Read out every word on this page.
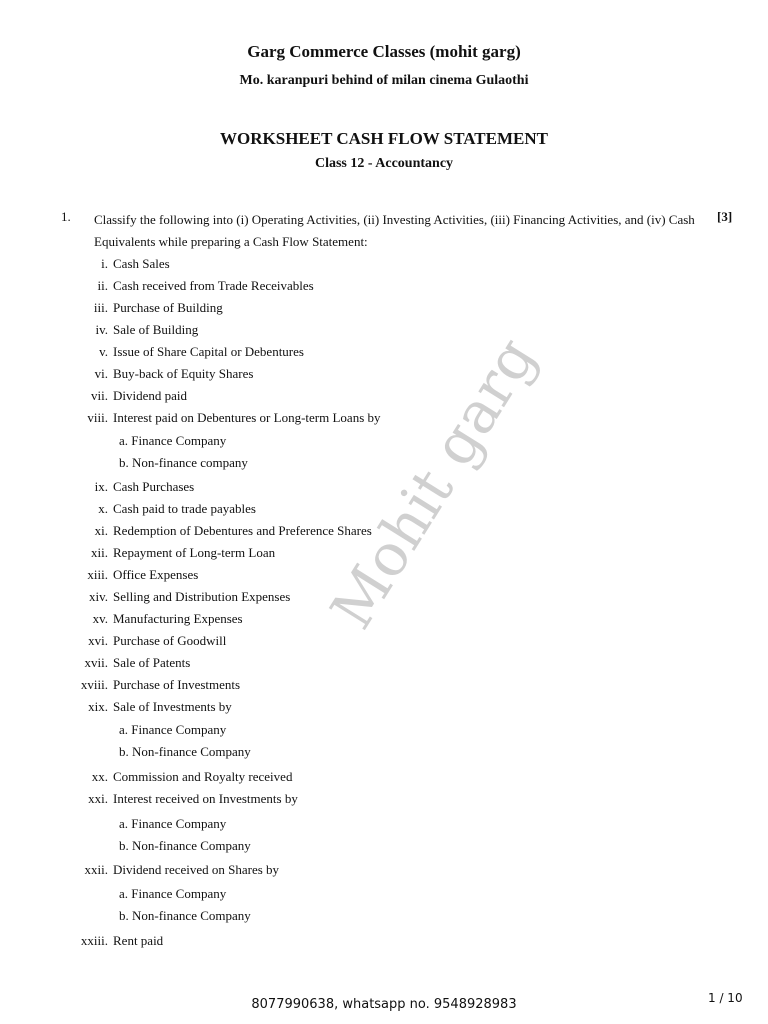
Garg Commerce Classes (mohit garg)
Mo. karanpuri behind of milan cinema Gulaothi
WORKSHEET CASH FLOW STATEMENT
Class 12 - Accountancy
1. Classify the following into (i) Operating Activities, (ii) Investing Activities, (iii) Financing Activities, and (iv) Cash Equivalents while preparing a Cash Flow Statement:
[3]
i. Cash Sales
ii. Cash received from Trade Receivables
iii. Purchase of Building
iv. Sale of Building
v. Issue of Share Capital or Debentures
vi. Buy-back of Equity Shares
vii. Dividend paid
viii. Interest paid on Debentures or Long-term Loans by
a. Finance Company
b. Non-finance company
ix. Cash Purchases
x. Cash paid to trade payables
xi. Redemption of Debentures and Preference Shares
xii. Repayment of Long-term Loan
xiii. Office Expenses
xiv. Selling and Distribution Expenses
xv. Manufacturing Expenses
xvi. Purchase of Goodwill
xvii. Sale of Patents
xviii. Purchase of Investments
xix. Sale of Investments by
a. Finance Company
b. Non-finance Company
xx. Commission and Royalty received
xxi. Interest received on Investments by
a. Finance Company
b. Non-finance Company
xxii. Dividend received on Shares by
a. Finance Company
b. Non-finance Company
xxiii. Rent paid
Mohit garg
8077990638, whatsapp no. 9548928983	1 / 10
